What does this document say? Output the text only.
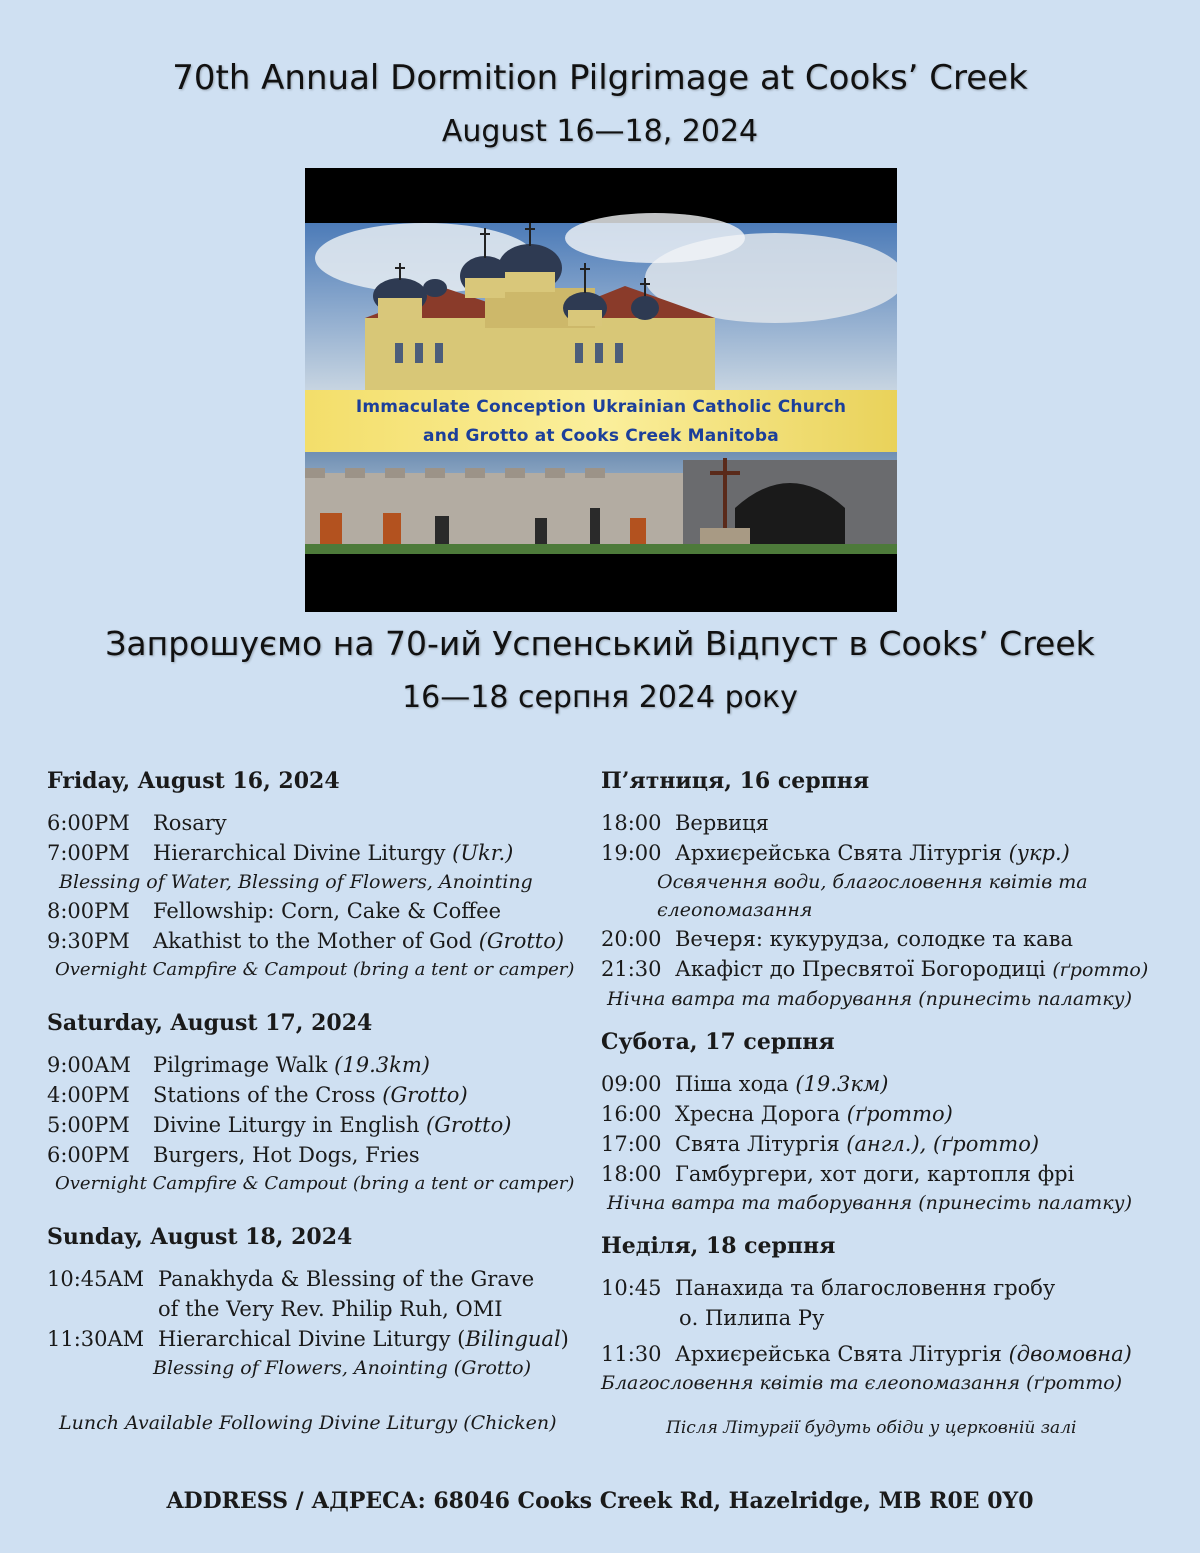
70th Annual Dormition Pilgrimage at Cooks’ Creek
August 16—18, 2024
Immaculate Conception Ukrainian Catholic Church
and Grotto at Cooks Creek Manitoba
Запрошуємо на 70-ий Успенський Відпуст в Cooks’ Creek
16—18 серпня 2024 року
Friday, August 16, 2024
6:00PM Rosary
7:00PM Hierarchical Divine Liturgy (Ukr.)
Blessing of Water, Blessing of Flowers, Anointing
8:00PM Fellowship: Corn, Cake & Coffee
9:30PM Akathist to the Mother of God (Grotto)
Overnight Campfire & Campout (bring a tent or camper)
Saturday, August 17, 2024
9:00AM Pilgrimage Walk (19.3km)
4:00PM Stations of the Cross (Grotto)
5:00PM Divine Liturgy in English (Grotto)
6:00PM Burgers, Hot Dogs, Fries
Overnight Campfire & Campout (bring a tent or camper)
Sunday, August 18, 2024
10:45AM Panakhyda & Blessing of the Grave
of the Very Rev. Philip Ruh, OMI
11:30AM Hierarchical Divine Liturgy (Bilingual)
Blessing of Flowers, Anointing (Grotto)
Lunch Available Following Divine Liturgy (Chicken)
П’ятниця, 16 серпня
18:00 Вервиця
19:00 Архиєрейська Свята Літургія (укр.)
Освячення води, благословення квітів та
єлеопомазання
20:00 Вечеря: кукурудза, солодке та кава
21:30 Акафіст до Пресвятої Богородиці (ґротто)
Нічна ватра та таборування (принесіть палатку)
Субота, 17 серпня
09:00 Піша хода (19.3км)
16:00 Хресна Дорога (ґротто)
17:00 Свята Літургія (англ.), (ґротто)
18:00 Гамбургери, хот доги, картопля фрі
Нічна ватра та таборування (принесіть палатку)
Неділя, 18 серпня
10:45 Панахида та благословення гробу
о. Пилипа Ру
11:30 Архиєрейська Свята Літургія (двомовна)
Благословення квітів та єлеопомазання (ґротто)
Після Літургії будуть обіди у церковній залі
ADDRESS / АДРЕСА: 68046 Cooks Creek Rd, Hazelridge, MB R0E 0Y0
